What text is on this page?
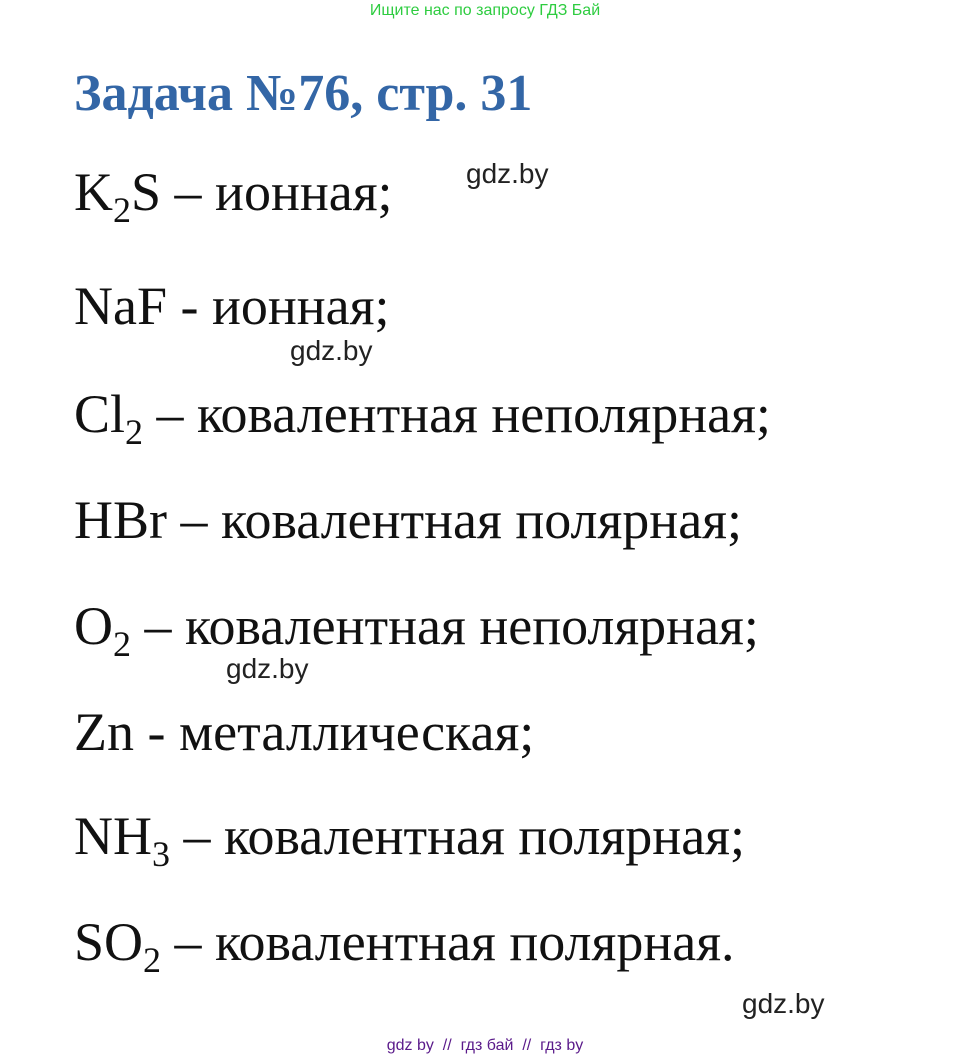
Ищите нас по запросу ГДЗ Бай
Задача №76, стр. 31
$K_2S$ – ионная;
NaF - ионная;
$Cl_2$ – ковалентная неполярная;
HBr – ковалентная полярная;
$O_2$ – ковалентная неполярная;
Zn - металлическая;
$NH_3$ – ковалентная полярная;
$SO_2$ – ковалентная полярная.
gdz.by
gdz.by
gdz.by
gdz.by
gdz by  //  гдз бай  //  гдз by
